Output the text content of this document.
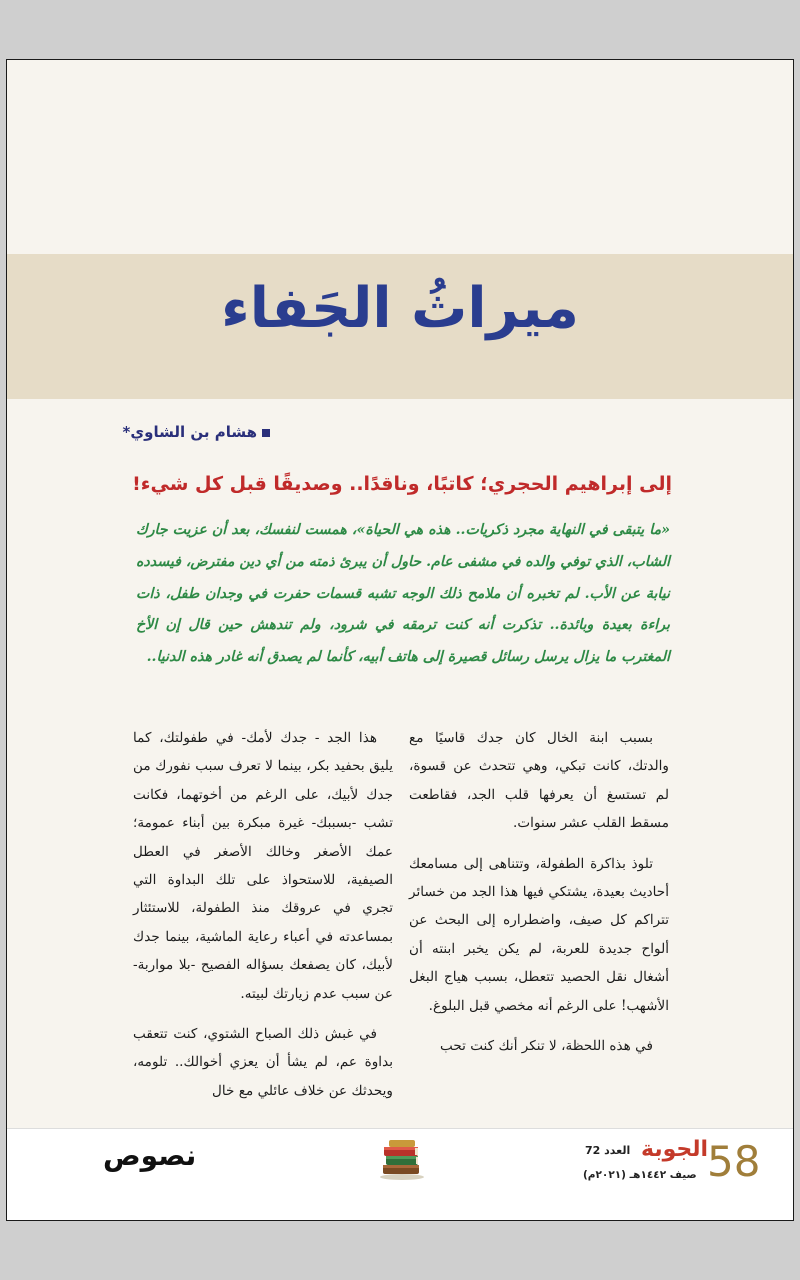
ميراثُ الجَفاء
هشام بن الشاوي*
إلى إبراهيم الحجري؛ كاتبًا، وناقدًا.. وصديقًا قبل كل شيء!
«ما يتبقى في النهاية مجرد ذكريات.. هذه هي الحياة»، همست لنفسك، بعد أن عزيت جارك الشاب، الذي توفي والده في مشفى عام. حاول أن يبرئ ذمته من أي دين مفترض، فيسدده نيابة عن الأب. لم تخبره أن ملامح ذلك الوجه تشبه قسمات حفرت في وجدان طفل، ذات براءة بعيدة وبائدة.. تذكرت أنه كنت ترمقه في شرود، ولم تندهش حين قال إن الأخ المغترب ما يزال يرسل رسائل قصيرة إلى هاتف أبيه، كأنما لم يصدق أنه غادر هذه الدنيا..

بسبب ابنة الخال كان جدك قاسيًا مع والدتك، كانت تبكي، وهي تتحدث عن قسوة، لم تستسغ أن يعرفها قلب الجد، فقاطعت مسقط القلب عشر سنوات.

تلوذ بذاكرة الطفولة، وتتناهى إلى مسامعك أحاديث بعيدة، يشتكي فيها هذا الجد من خسائر تتراكم كل صيف، واضطراره إلى البحث عن ألواح جديدة للعربة، لم يكن يخبر ابنته أن أشغال نقل الحصيد تتعطل، بسبب هياج البغل الأشهب! على الرغم أنه مخصي قبل البلوغ.

في هذه اللحظة، لا تنكر أنك كنت تحب

هذا الجد - جدك لأمك- في طفولتك، كما يليق بحفيد بكر، بينما لا تعرف سبب نفورك من جدك لأبيك، على الرغم من أخوتهما، فكانت تشب -بسببك- غيرة مبكرة بين أبناء عمومة؛ عمك الأصغر وخالك الأصغر في العطل الصيفية، للاستحواذ على تلك البداوة التي تجري في عروقك منذ الطفولة، للاستئثار بمساعدته في أعباء رعاية الماشية، بينما جدك لأبيك، كان يصفعك بسؤاله الفصيح -بلا مواربة- عن سبب عدم زيارتك لبيته.

في غبش ذلك الصباح الشتوي، كنت تتعقب بداوة عم، لم يشأ أن يعزي أخوالك.. تلومه، ويحدثك عن خلاف عائلي مع خال

نصوص	العدد 72 الجوبة
صيف ١٤٤٢هـ (٢٠٢١م) 58
